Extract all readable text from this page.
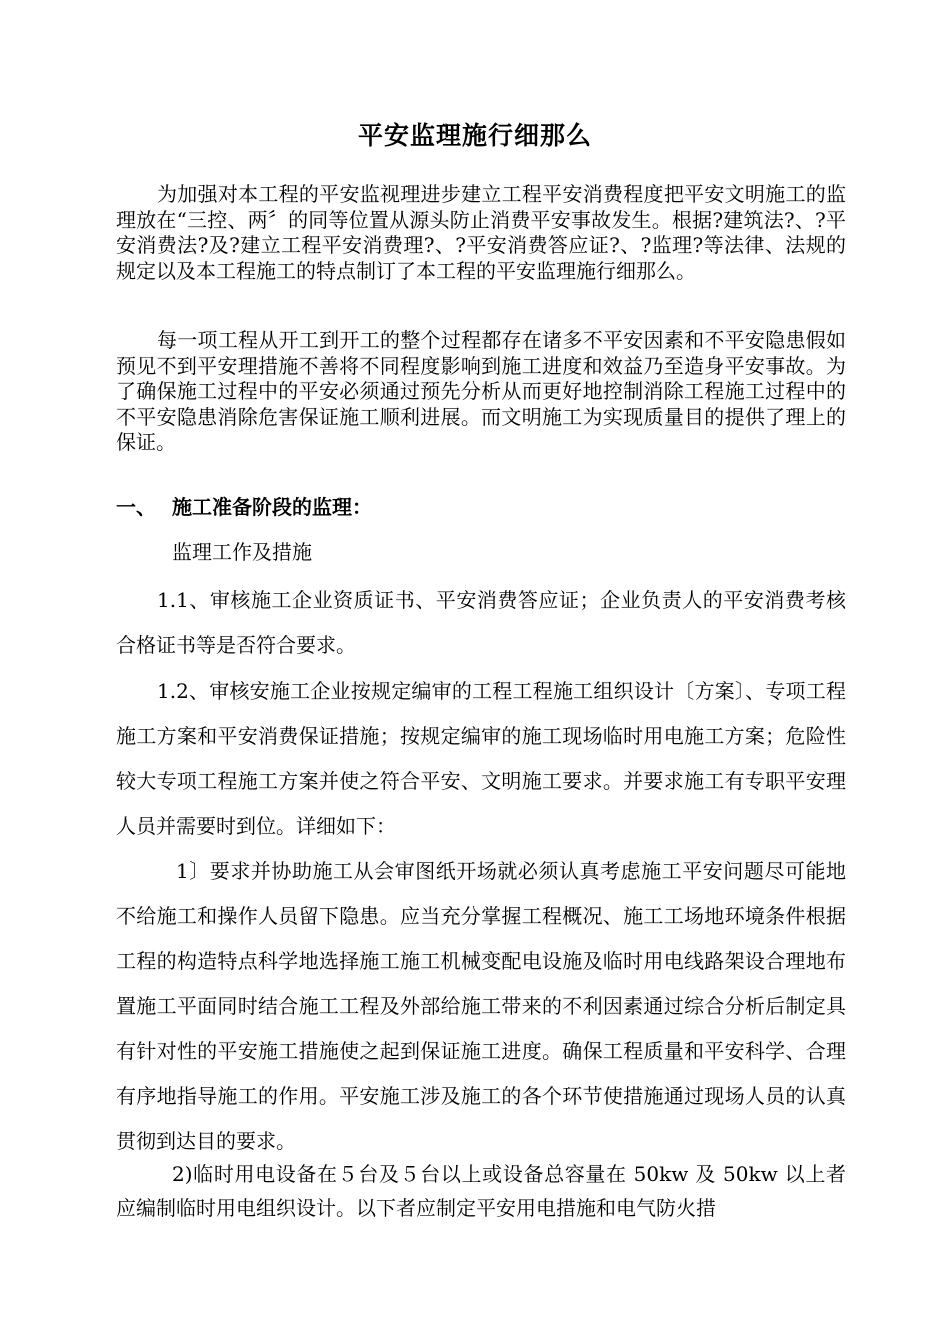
平安监理施行细那么

为加强对本工程的平安监视理进步建立工程平安消费程度把平安文明施工的监理放在“三控、两〞的同等位置从源头防止消费平安事故发生。根据?建筑法?、?平安消费法?及?建立工程平安消费理?、?平安消费答应证?、?监理?等法律、法规的规定以及本工程施工的特点制订了本工程的平安监理施行细那么。

每一项工程从开工到开工的整个过程都存在诸多不平安因素和不平安隐患假如预见不到平安理措施不善将不同程度影响到施工进度和效益乃至造身平安事故。为了确保施工过程中的平安必须通过预先分析从而更好地控制消除工程施工过程中的不平安隐患消除危害保证施工顺利进展。而文明施工为实现质量目的提供了理上的保证。

一、 施工准备阶段的监理：
监理工作及措施

1.1、审核施工企业资质证书、平安消费答应证；企业负责人的平安消费考核合格证书等是否符合要求。

1.2、审核安施工企业按规定编审的工程工程施工组织设计〔方案〕、专项工程施工方案和平安消费保证措施；按规定编审的施工现场临时用电施工方案；危险性较大专项工程施工方案并使之符合平安、文明施工要求。并要求施工有专职平安理人员并需要时到位。详细如下：

1〕要求并协助施工从会审图纸开场就必须认真考虑施工平安问题尽可能地不给施工和操作人员留下隐患。应当充分掌握工程概况、施工工场地环境条件根据工程的构造特点科学地选择施工施工机械变配电设施及临时用电线路架设合理地布置施工平面同时结合施工工程及外部给施工带来的不利因素通过综合分析后制定具有针对性的平安施工措施使之起到保证施工进度。确保工程质量和平安科学、合理有序地指导施工的作用。平安施工涉及施工的各个环节使措施通过现场人员的认真贯彻到达目的要求。

2)临时用电设备在５台及５台以上或设备总容量在 50kw 及 50kw 以上者应编制临时用电组织设计。以下者应制定平安用电措施和电气防火措
